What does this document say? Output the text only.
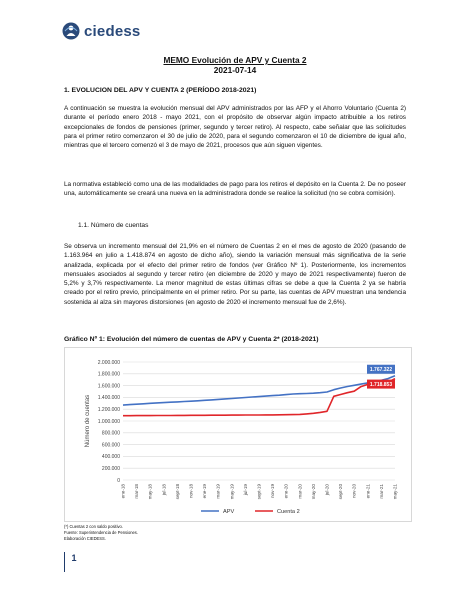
ciedess
MEMO Evolución de APV y Cuenta 2
2021-07-14
1. EVOLUCION DEL APV Y CUENTA 2 (PERÍODO 2018-2021)
A continuación se muestra la evolución mensual del APV administrados por las AFP y el Ahorro Voluntario (Cuenta 2) durante el período enero 2018 - mayo 2021, con el propósito de observar algún impacto atribuible a los retiros excepcionales de fondos de pensiones (primer, segundo y tercer retiro). Al respecto, cabe señalar que las solicitudes para el primer retiro comenzaron el 30 de julio de 2020, para el segundo comenzaron el 10 de diciembre de igual año, mientras que el tercero comenzó el 3 de mayo de 2021, procesos que aún siguen vigentes.
La normativa estableció como una de las modalidades de pago para los retiros el depósito en la Cuenta 2. De no poseer una, automáticamente se creará una nueva en la administradora donde se realice la solicitud (no se cobra comisión).
1.1. Número de cuentas
Se observa un incremento mensual del 21,9% en el número de Cuentas 2 en el mes de agosto de 2020 (pasando de 1.163.964 en julio a 1.418.874 en agosto de dicho año), siendo la variación mensual más significativa de la serie analizada, explicada por el efecto del primer retiro de fondos (ver Gráfico Nº 1). Posteriormente, los incrementos mensuales asociados al segundo y tercer retiro (en diciembre de 2020 y mayo de 2021 respectivamente) fueron de 5,2% y 3,7% respectivamente. La menor magnitud de estas últimas cifras se debe a que la Cuenta 2 ya se habría creado por el retiro previo, principalmente en el primer retiro. Por su parte, las cuentas de APV muestran una tendencia sostenida al alza sin mayores distorsiones (en agosto de 2020 el incremento mensual fue de 2,6%).
Gráfico Nº 1: Evolución del número de cuentas de APV y Cuenta 2* (2018-2021)
0
200.000
400.000
600.000
800.000
1.000.000
1.200.000
1.400.000
1.600.000
1.800.000
2.000.000
Número de cuentas
ene-18 mar-18 may-18 jul-18 sept-18 nov-18 ene-19 mar-19 may-19 jul-19 sept-19 nov-19 ene-20 mar-20 may-20 jul-20 sept-20 nov-20 ene-21 mar-21 may-21
1.767.322
1.718.853
APV	Cuenta 2
(*) Cuentas 2 con saldo positivo.
Fuente: Superintendencia de Pensiones.
Elaboración CIEDESS.
1
